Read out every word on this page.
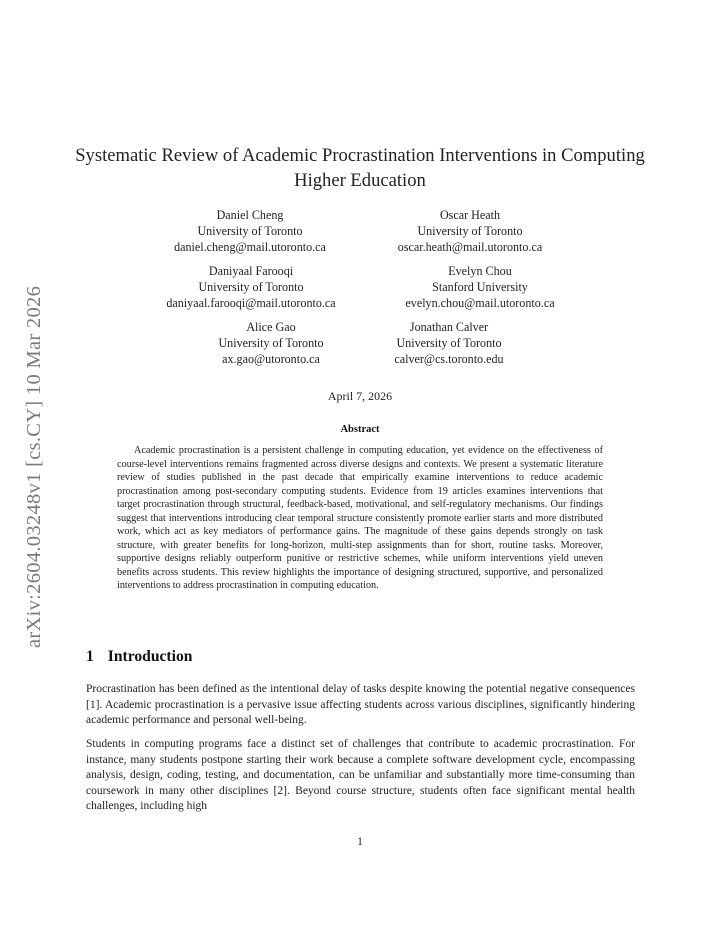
arXiv:2604.03248v1 [cs.CY] 10 Mar 2026
Systematic Review of Academic Procrastination Interventions in Computing Higher Education
Daniel Cheng
University of Toronto
daniel.cheng@mail.utoronto.ca
Oscar Heath
University of Toronto
oscar.heath@mail.utoronto.ca
Daniyaal Farooqi
University of Toronto
daniyaal.farooqi@mail.utoronto.ca
Evelyn Chou
Stanford University
evelyn.chou@mail.utoronto.ca
Alice Gao
University of Toronto
ax.gao@utoronto.ca
Jonathan Calver
University of Toronto
calver@cs.toronto.edu
April 7, 2026
Abstract

Academic procrastination is a persistent challenge in computing education, yet evidence on the effectiveness of course-level interventions remains fragmented across diverse designs and contexts. We present a systematic literature review of studies published in the past decade that empirically examine interventions to reduce academic procrastination among post-secondary computing students. Evidence from 19 articles examines interventions that target procrastination through structural, feedback-based, motivational, and self-regulatory mechanisms. Our findings suggest that interventions introducing clear temporal structure consistently promote earlier starts and more distributed work, which act as key mediators of performance gains. The magnitude of these gains depends strongly on task structure, with greater benefits for long-horizon, multi-step assignments than for short, routine tasks. Moreover, supportive designs reliably outperform punitive or restrictive schemes, while uniform interventions yield uneven benefits across students. This review highlights the importance of designing structured, supportive, and personalized interventions to address procrastination in computing education.

1 Introduction

Procrastination has been defined as the intentional delay of tasks despite knowing the potential negative consequences [1]. Academic procrastination is a pervasive issue affecting students across various disciplines, significantly hindering academic performance and personal well-being.

Students in computing programs face a distinct set of challenges that contribute to academic procrastination. For instance, many students postpone starting their work because a complete software development cycle, encompassing analysis, design, coding, testing, and documentation, can be unfamiliar and substantially more time-consuming than coursework in many other disciplines [2]. Beyond course structure, students often face significant mental health challenges, including high

1
